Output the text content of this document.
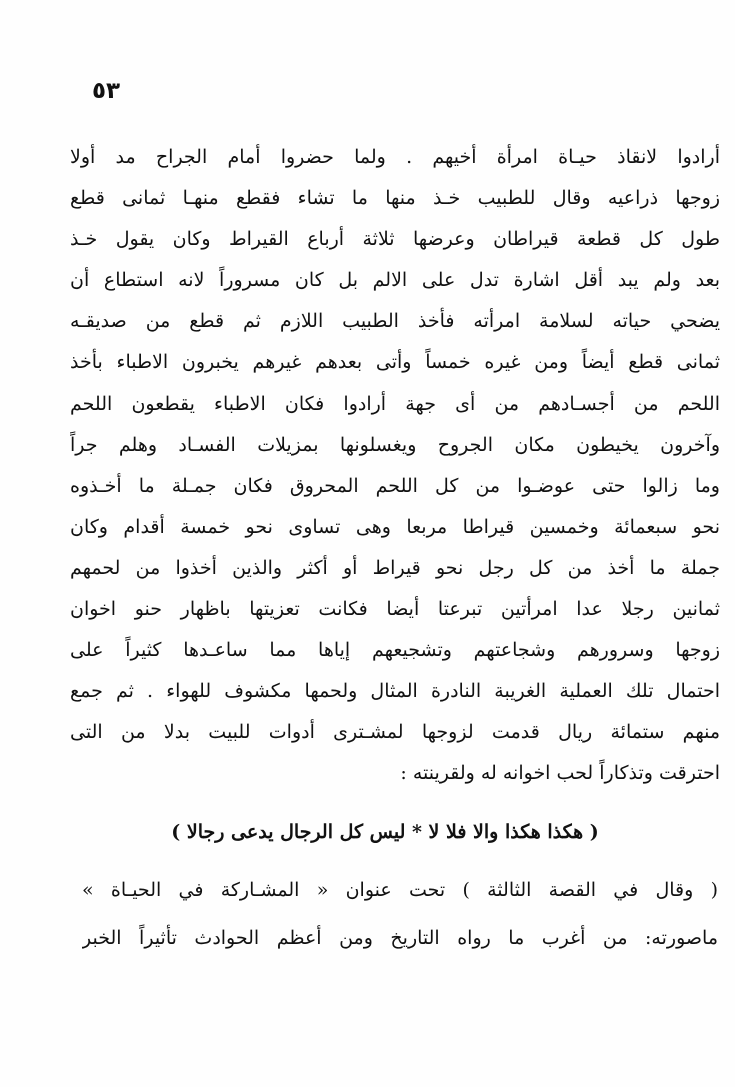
٥٣
أرادوا لانقاذ حيـاة امرأة أخيهم . ولما حضروا أمام الجراح مد أولا
زوجها ذراعيه وقال للطبيب خـذ منها ما تشاء فقطع منهـا ثمانى قطع
طول كل قطعة قيراطان وعرضها ثلاثة أرباع القيراط وكان يقول خـذ
بعد ولم يبد أقل اشارة تدل على الالم بل كان مسروراً لانه استطاع أن
يضحي حياته لسلامة امرأته فأخذ الطبيب اللازم ثم قطع من صديقـه
ثمانى قطع أيضاً ومن غيره خمساً وأتى بعدهم غيرهم يخبرون الاطباء بأخذ
اللحم من أجسـادهم من أى جهة أرادوا فكان الاطباء يقطعون اللحم
وآخرون يخيطون مكان الجروح ويغسلونها بمزيلات الفسـاد وهلم جراً
وما زالوا حتى عوضـوا من كل اللحم المحروق فكان جمـلة ما أخـذوه
نحو سبعمائة وخمسين قيراطا مربعا وهى تساوى نحو خمسة أقدام وكان
جملة ما أخذ من كل رجل نحو قيراط أو أكثر والذين أخذوا من لحمهم
ثمانين رجلا عدا امرأتين تبرعتا أيضا فكانت تعزيتها باظهار حنو اخوان
زوجها وسرورهم وشجاعتهم وتشجيعهم إياها مما ساعـدها كثيراً على
احتمال تلك العملية الغريبة النادرة المثال ولحمها مكشوف للهواء . ثم جمع
منهم ستمائة ريال قدمت لزوجها لمشـترى أدوات للبيت بدلا من التى
احترقت وتذكاراً لحب اخوانه له ولقرينته :
( هكذا هكذا والا فلا لا * ليس كل الرجال يدعى رجالا )
( وقال في القصة الثالثة ) تحت عنوان « المشـاركة في الحيـاة »
ماصورته: من أغرب ما رواه التاريخ ومن أعظم الحوادث تأثيراً الخبر
